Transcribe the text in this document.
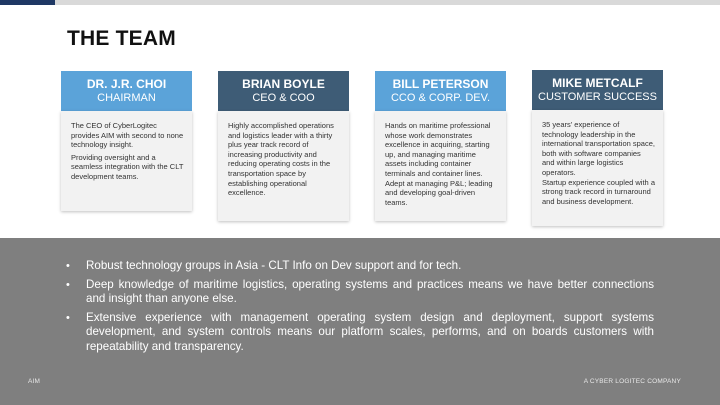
THE TEAM
DR. J.R. CHOI
CHAIRMAN

The CEO of CyberLogitec provides AIM with second to none technology insight.

Providing oversight and a seamless integration with the CLT development teams.

BRIAN BOYLE
CEO & COO

Highly accomplished operations and logistics leader with a thirty plus year track record of increasing productivity and reducing operating costs in the transportation space by establishing operational excellence.

BILL PETERSON
CCO & CORP. DEV.

Hands on maritime professional whose work demonstrates excellence in acquiring, starting up, and managing maritime assets including container terminals and container lines. Adept at managing P&L; leading and developing goal-driven teams.

MIKE METCALF
CUSTOMER SUCCESS

35 years' experience of technology leadership in the international transportation space, both with software companies and within large logistics operators.

Startup experience coupled with a strong track record in turnaround and business development.

• Robust technology groups in Asia - CLT Info on Dev support and for tech.
• Deep knowledge of maritime logistics, operating systems and practices means we have better connections and insight than anyone else.
• Extensive experience with management operating system design and deployment, support systems development, and system controls means our platform scales, performs, and on boards customers with repeatability and transparency.
AIM	A CYBER LOGITEC COMPANY
